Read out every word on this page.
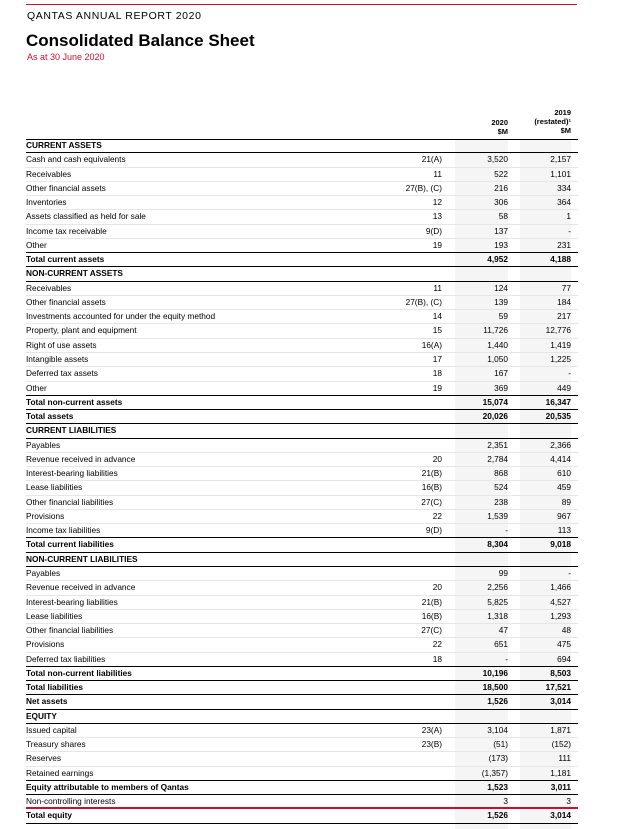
QANTAS ANNUAL REPORT 2020
Consolidated Balance Sheet
As at 30 June 2020
2020
$M
2019
(restated)¹
$M
CURRENT ASSETS
Cash and cash equivalents	21(A)	3,520	2,157
Receivables	11	522	1,101
Other financial assets	27(B), (C)	216	334
Inventories	12	306	364
Assets classified as held for sale	13	58	1
Income tax receivable	9(D)	137	-
Other	19	193	231
Total current assets	4,952	4,188
NON-CURRENT ASSETS
Receivables	11	124	77
Other financial assets	27(B), (C)	139	184
Investments accounted for under the equity method	14	59	217
Property, plant and equipment	15	11,726	12,776
Right of use assets	16(A)	1,440	1,419
Intangible assets	17	1,050	1,225
Deferred tax assets	18	167	-
Other	19	369	449
Total non-current assets	15,074	16,347
Total assets	20,026	20,535
CURRENT LIABILITIES
Payables	2,351	2,366
Revenue received in advance	20	2,784	4,414
Interest-bearing liabilities	21(B)	868	610
Lease liabilities	16(B)	524	459
Other financial liabilities	27(C)	238	89
Provisions	22	1,539	967
Income tax liabilities	9(D)	-	113
Total current liabilities	8,304	9,018
NON-CURRENT LIABILITIES
Payables	99	-
Revenue received in advance	20	2,256	1,466
Interest-bearing liabilities	21(B)	5,825	4,527
Lease liabilities	16(B)	1,318	1,293
Other financial liabilities	27(C)	47	48
Provisions	22	651	475
Deferred tax liabilities	18	-	694
Total non-current liabilities	10,196	8,503
Total liabilities	18,500	17,521
Net assets	1,526	3,014
EQUITY
Issued capital	23(A)	3,104	1,871
Treasury shares	23(B)	(51)	(152)
Reserves	(173)	111
Retained earnings	(1,357)	1,181
Equity attributable to members of Qantas	1,523	3,011
Non-controlling interests	3	3
Total equity	1,526	3,014
